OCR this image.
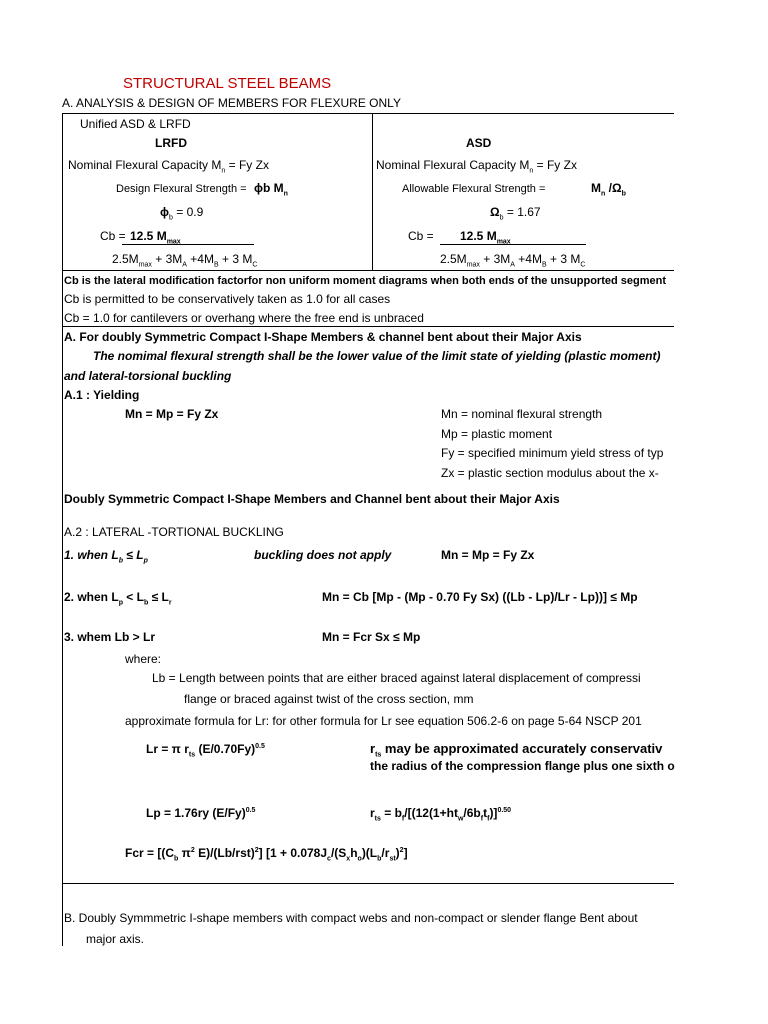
STRUCTURAL STEEL BEAMS
A. ANALYSIS & DESIGN OF MEMBERS FOR FLEXURE ONLY
Unified ASD & LRFD
LRFD
Nominal Flexural Capacity $M_n = Fy$ Zx
Design Flexural Strength = ϕb $M_n$
$\phi_b = 0.9$
Cb = 12.5 $M_{max}$
$2.5M_{max} + 3M_A +4M_B + 3$ $M_C$
ASD
Nominal Flexural Capacity $M_n = Fy$ Zx
Allowable Flexural Strength =	$M_n$ $/\Omega_b$
$\Omega_b = 1.67$
Cb = 12.5 $M_{max}$
$2.5M_{max} + 3M_A +4M_B + 3$ $M_C$
Cb is the lateral modification factorfor non uniform moment diagrams when both ends of the unsupported segment
Cb is permitted to be conservatively taken as 1.0 for all cases
Cb = 1.0 for cantilevers or overhang where the free end is unbraced
A. For doubly Symmetric Compact I-Shape Members & channel bent about their Major Axis
The nomimal flexural strength shall be the lower value of the limit state of yielding (plastic moment)
and lateral-torsional buckling
A.1 : Yielding
Mn = Mp = Fy Zx	Mn = nominal flexural strength
Mp = plastic moment
Fy = specified minimum yield stress of typ
Zx = plastic section modulus about the x-
Doubly Symmetric Compact I-Shape Members and Channel bent about their Major Axis
A.2 : LATERAL -TORTIONAL BUCKLING
1. when $L_b \le L_p$	buckling does not apply	Mn = Mp = Fy Zx
2. when $L_p < L_b \le L_r$	Mn = Cb [Mp - (Mp - 0.70 Fy Sx) ((Lb - Lp)/Lr - Lp))] ≤ Mp
3. whem Lb > Lr	Mn = Fcr Sx ≤ Mp
where:
Lb = Length between points that are either braced against lateral displacement of compressi
flange or braced against twist of the cross section, mm
approximate formula for Lr: for other formula for Lr see equation 506.2-6 on page 5-64 NSCP 201
Lr = π $r_{ts}$ $(E/0.70Fy)^{0.5}$	$r_{ts}$ may be approximated accurately conservativ
the radius of the compression flange plus one sixth o
Lp = 1.76ry $(E/Fy)^{0.5}$	$r_{ts} = b_f/[(12(1+ht_w/6b_ft_f)]^{0.50}$
Fcr = [($C_b$ $\pi^2$ $E)/(Lb/rst)^2$] $[1 + 0.078J_c/(S_xh_o)(L_b/r_{st})^2]$
B. Doubly Symmmetric I-shape members with compact webs and non-compact or slender flange Bent about
major axis.
